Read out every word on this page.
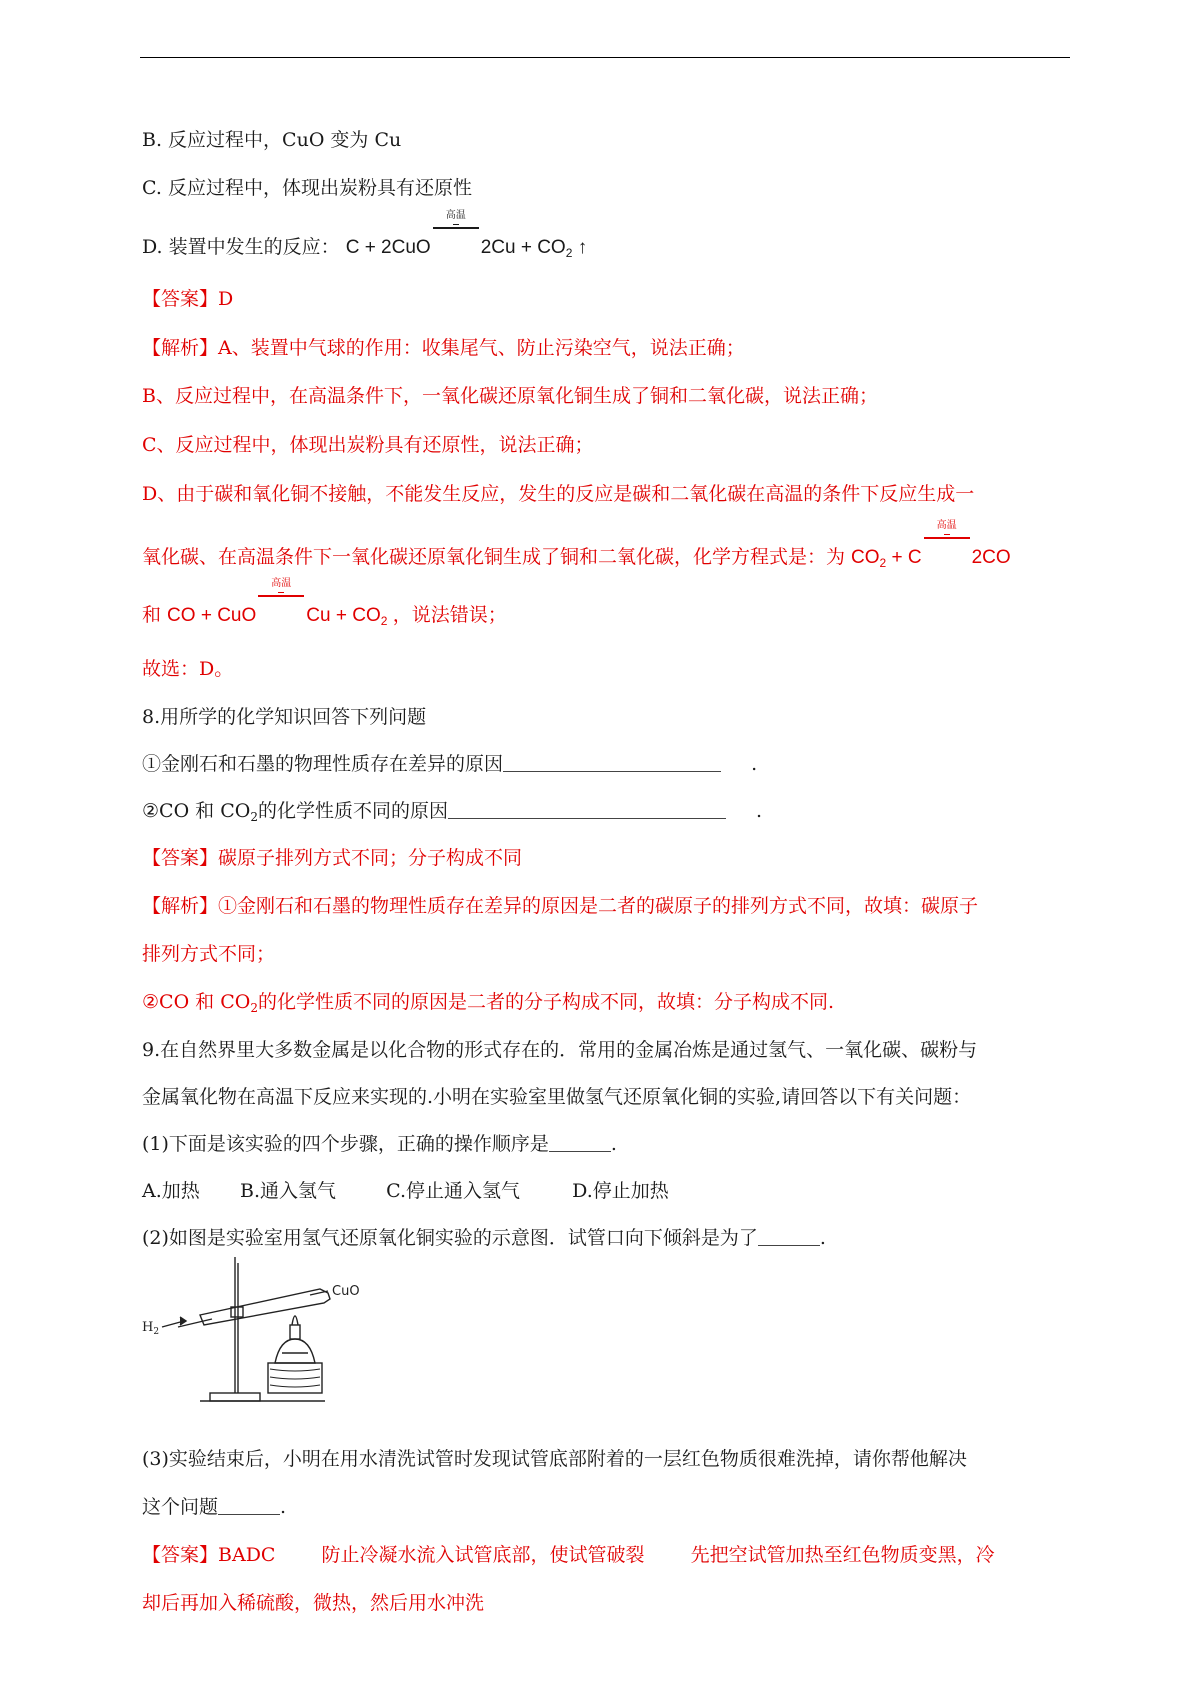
B. 反应过程中，CuO 变为 Cu
C. 反应过程中，体现出炭粉具有还原性
D. 装置中发生的反应： C + 2CuO
高温
$2Cu + CO_2$ ↑
【答案】D
【解析】A、装置中气球的作用：收集尾气、防止污染空气，说法正确；
B、反应过程中，在高温条件下，一氧化碳还原氧化铜生成了铜和二氧化碳，说法正确；
C、反应过程中，体现出炭粉具有还原性，说法正确；
D、由于碳和氧化铜不接触，不能发生反应，发生的反应是碳和二氧化碳在高温的条件下反应生成一
氧化碳、在高温条件下一氧化碳还原氧化铜生成了铜和二氧化碳，化学方程式是：为 $CO_2 + C$
高温
2CO
和 CO + CuO
高温
$Cu + CO_2$ ，说法错误；
故选：D。
8.用所学的化学知识回答下列问题
①金刚石和石墨的物理性质存在差异的原因	.
②CO 和 $CO_2$的化学性质不同的原因	.
【答案】碳原子排列方式不同；分子构成不同
【解析】①金刚石和石墨的物理性质存在差异的原因是二者的碳原子的排列方式不同，故填：碳原子
排列方式不同；
②CO 和 $CO_2$的化学性质不同的原因是二者的分子构成不同，故填：分子构成不同.
9.在自然界里大多数金属是以化合物的形式存在的．常用的金属冶炼是通过氢气、一氧化碳、碳粉与
金属氧化物在高温下反应来实现的.小明在实验室里做氢气还原氧化铜的实验,请回答以下有关问题：
(1)下面是该实验的四个步骤，正确的操作顺序是	.
A.加热 B.通入氢气	C.停止通入氢气	D.停止加热
(2)如图是实验室用氢气还原氧化铜实验的示意图．试管口向下倾斜是为了	.
$H_2$
CuO
(3)实验结束后，小明在用水清洗试管时发现试管底部附着的一层红色物质很难洗掉，请你帮他解决
这个问题	.
【答案】BADC 防止冷凝水流入试管底部，使试管破裂 先把空试管加热至红色物质变黑，冷
却后再加入稀硫酸，微热，然后用水冲洗
